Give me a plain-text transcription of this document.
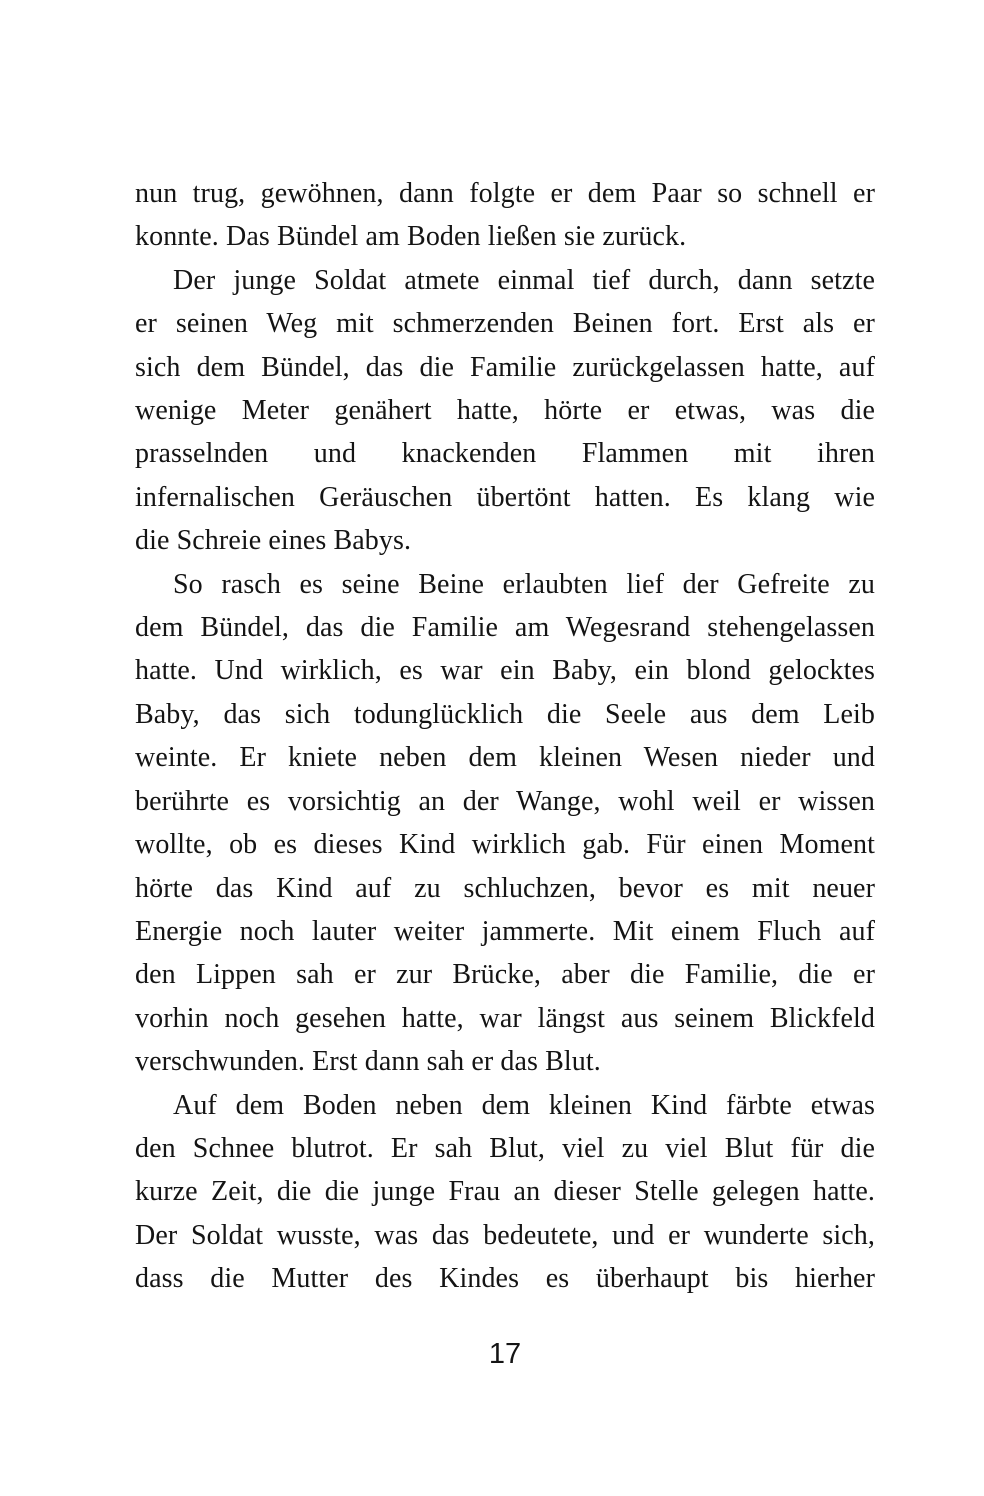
nun trug, gewöhnen, dann folgte er dem Paar so schnell er

konnte. Das Bündel am Boden ließen sie zurück.

Der junge Soldat atmete einmal tief durch, dann setzte

er seinen Weg mit schmerzenden Beinen fort. Erst als er

sich dem Bündel, das die Familie zurückgelassen hatte, auf

wenige Meter genähert hatte, hörte er etwas, was die

prasselnden und knackenden Flammen mit ihren

infernalischen Geräuschen übertönt hatten. Es klang wie

die Schreie eines Babys.

So rasch es seine Beine erlaubten lief der Gefreite zu

dem Bündel, das die Familie am Wegesrand stehengelassen

hatte. Und wirklich, es war ein Baby, ein blond gelocktes

Baby, das sich todunglücklich die Seele aus dem Leib

weinte. Er kniete neben dem kleinen Wesen nieder und

berührte es vorsichtig an der Wange, wohl weil er wissen

wollte, ob es dieses Kind wirklich gab. Für einen Moment

hörte das Kind auf zu schluchzen, bevor es mit neuer

Energie noch lauter weiter jammerte. Mit einem Fluch auf

den Lippen sah er zur Brücke, aber die Familie, die er

vorhin noch gesehen hatte, war längst aus seinem Blickfeld

verschwunden. Erst dann sah er das Blut.

Auf dem Boden neben dem kleinen Kind färbte etwas

den Schnee blutrot. Er sah Blut, viel zu viel Blut für die

kurze Zeit, die die junge Frau an dieser Stelle gelegen hatte.

Der Soldat wusste, was das bedeutete, und er wunderte sich,

dass die Mutter des Kindes es überhaupt bis hierher

17
